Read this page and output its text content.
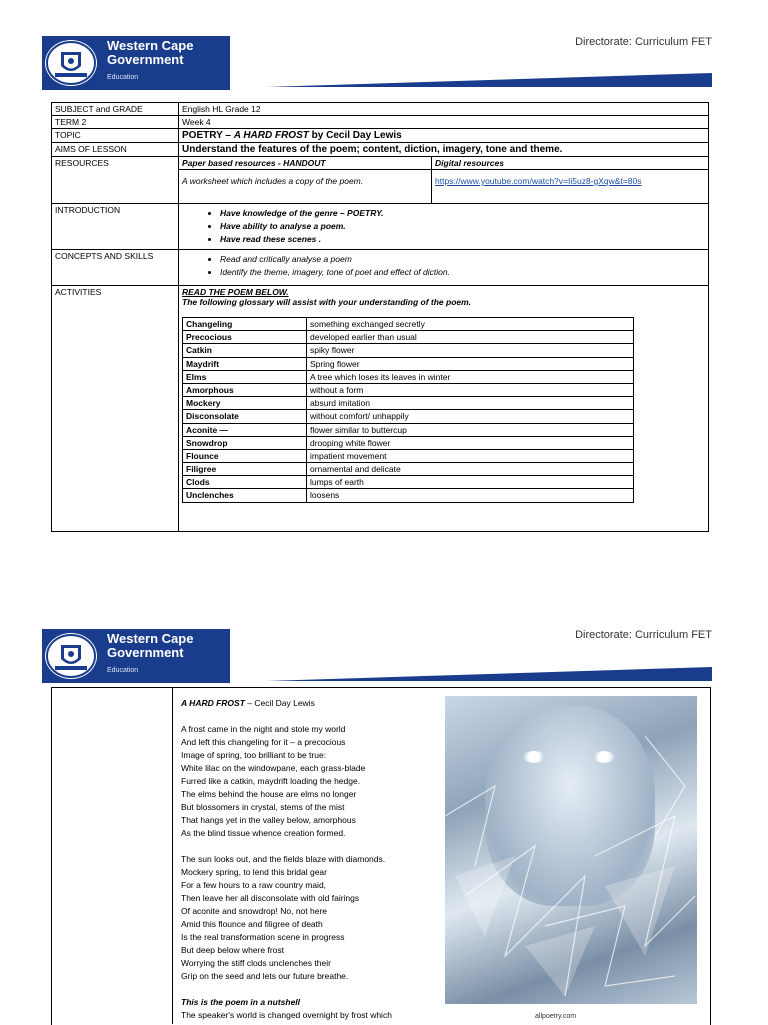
Western Cape
Government
Education
Directorate: Curriculum FET
SUBJECT and GRADE	English HL Grade 12
TERM 2	Week 4
TOPIC	POETRY – A HARD FROST by Cecil Day Lewis
AIMS OF LESSON	Understand the features of the poem; content, diction, imagery, tone and theme.
RESOURCES	Paper based resources - HANDOUT	Digital resources
A worksheet which includes a copy of the poem.	https://www.youtube.com/watch?v=Ii5uz8-gXqw&t=80s
INTRODUCTION	
•Have knowledge of the genre – POETRY.
• Have ability to analyse a poem.
• Have read these scenes .

CONCEPTS AND SKILLS	
•Read and critically analyse a poem
• Identify the theme, imagery, tone of poet and effect of diction.

ACTIVITIES	READ THE POEM BELOW.
The following glossary will assist with your understanding of the poem.
Changeling	something exchanged secretly
Precocious	developed earlier than usual
Catkin	spiky flower
Maydrift	Spring flower
Elms	A tree which loses its leaves in winter
Amorphous	without a form
Mockery	absurd imitation
Disconsolate	without comfort/ unhappily
Aconite —	flower similar to buttercup
Snowdrop	drooping white flower
Flounce	impatient movement
Filigree	ornamental and delicate
Clods	lumps of earth
Unclenches	loosens
Western Cape
Government
Education
Directorate: Curriculum FET

A HARD FROST – Cecil Day Lewis

A frost came in the night and stole my world
And left this changeling for it – a precocious
Image of spring, too brilliant to be true:
White lilac on the windowpane, each grass-blade
Furred like a catkin, maydrift loading the hedge.
The elms behind the house are elms no longer
But blossomers in crystal, stems of the mist
That hangs yet in the valley below, amorphous
As the blind tissue whence creation formed.

The sun looks out, and the fields blaze with diamonds.
Mockery spring, to lend this bridal gear
For a few hours to a raw country maid,
Then leave her all disconsolate with old fairings
Of aconite and snowdrop! No, not here
Amid this flounce and filigree of death
Is the real transformation scene in progress
But deep below where frost
Worrying the stiff clods unclenches their
Grip on the seed and lets our future breathe.

This is the poem in a nutshell
The speaker's world is changed overnight by frost which	allpoetry.com
